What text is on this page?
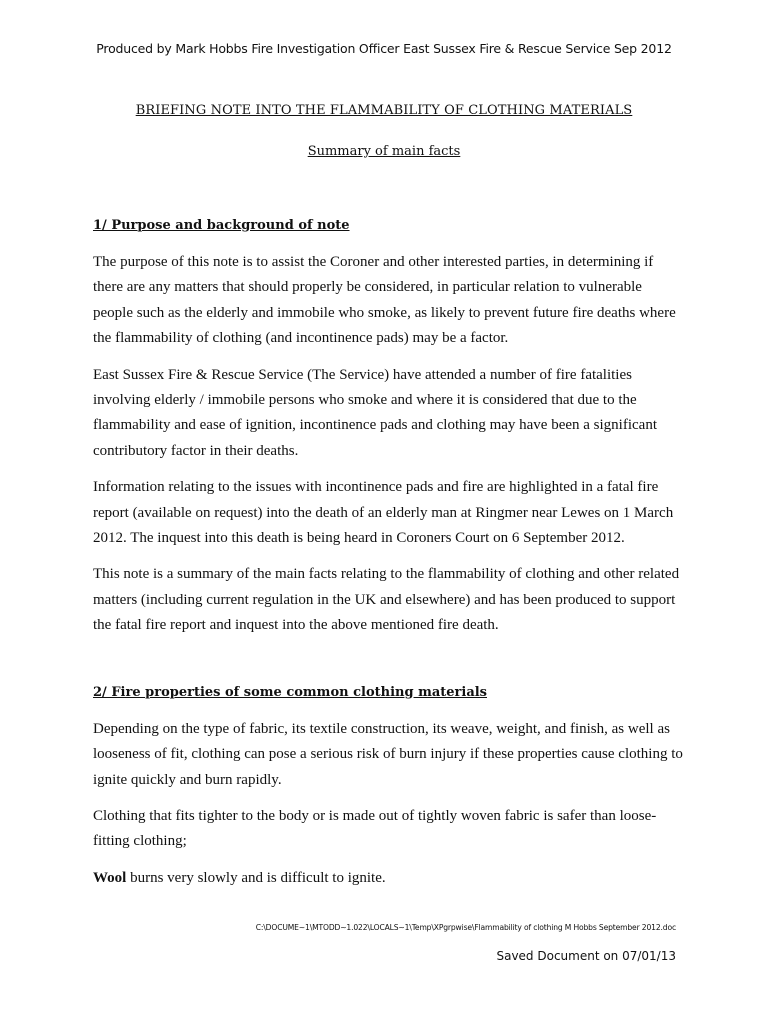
Produced by Mark Hobbs Fire Investigation Officer East Sussex Fire & Rescue Service Sep 2012
BRIEFING NOTE INTO THE FLAMMABILITY OF CLOTHING MATERIALS
Summary of main facts
1/ Purpose and background of note

The purpose of this note is to assist the Coroner and other interested parties, in determining if there are any matters that should properly be considered, in particular relation to vulnerable people such as the elderly and immobile who smoke, as likely to prevent future fire deaths where the flammability of clothing (and incontinence pads) may be a factor.

East Sussex Fire & Rescue Service (The Service) have attended a number of fire fatalities involving elderly / immobile persons who smoke and where it is considered that due to the flammability and ease of ignition, incontinence pads and clothing may have been a significant contributory factor in their deaths.

Information relating to the issues with incontinence pads and fire are highlighted in a fatal fire report (available on request) into the death of an elderly man at Ringmer near Lewes on 1 March 2012. The inquest into this death is being heard in Coroners Court on 6 September 2012.

This note is a summary of the main facts relating to the flammability of clothing and other related matters (including current regulation in the UK and elsewhere) and has been produced to support the fatal fire report and inquest into the above mentioned fire death.

2/ Fire properties of some common clothing materials

Depending on the type of fabric, its textile construction, its weave, weight, and finish, as well as looseness of fit, clothing can pose a serious risk of burn injury if these properties cause clothing to ignite quickly and burn rapidly.

Clothing that fits tighter to the body or is made out of tightly woven fabric is safer than loose-fitting clothing;

Wool burns very slowly and is difficult to ignite.

C:\DOCUME~1\MTODD~1.022\LOCALS~1\Temp\XPgrpwise\Flammability of clothing M Hobbs September 2012.doc
Saved Document on 07/01/13
